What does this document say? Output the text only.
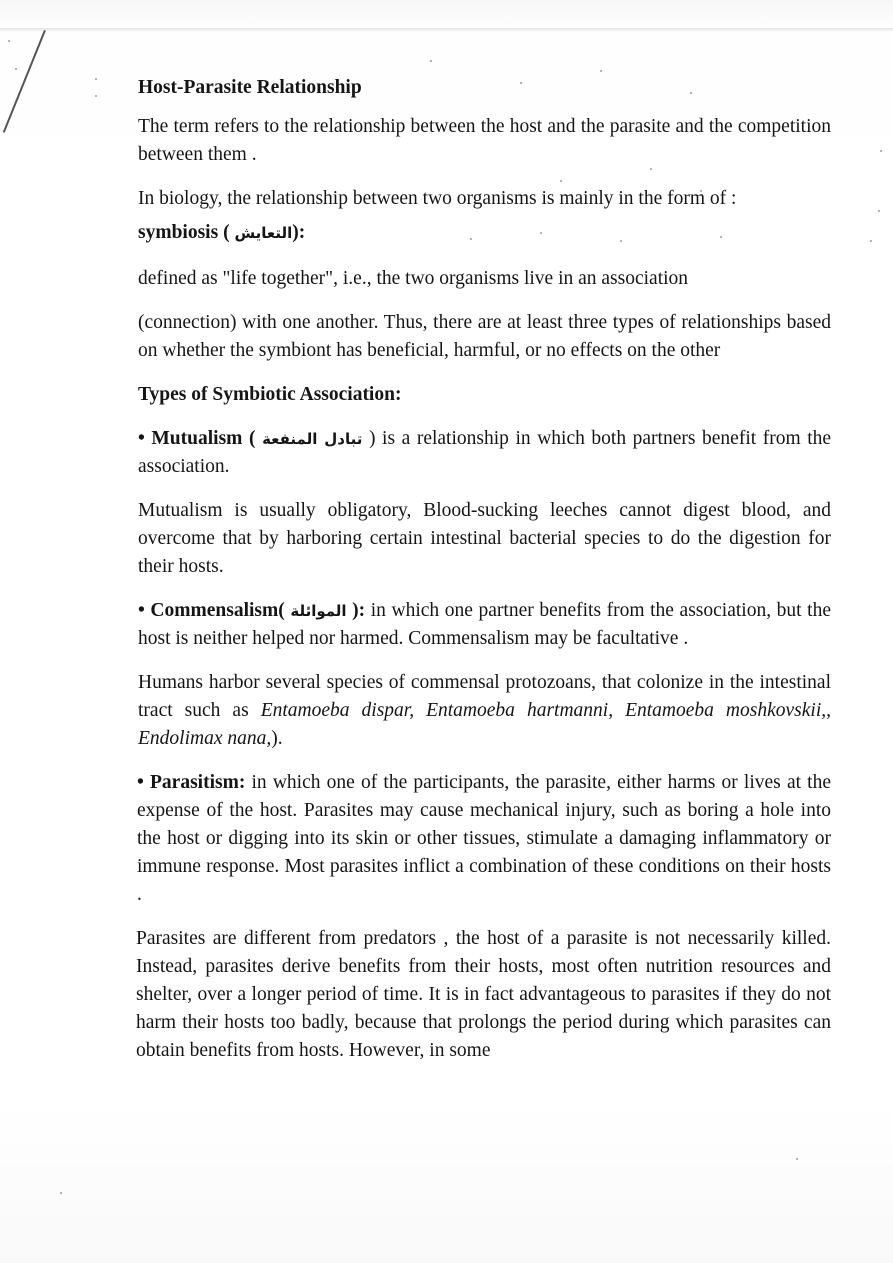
Host-Parasite Relationship

The term refers to the relationship between the host and the parasite and the competition between them .

In biology, the relationship between two organisms is mainly in the form of :

symbiosis ( التعايش):

defined as "life together", i.e., the two organisms live in an association

(connection) with one another. Thus, there are at least three types of relationships based on whether the symbiont has beneficial, harmful, or no effects on the other

Types of Symbiotic Association:

• Mutualism ( تبادل المنفعة ) is a relationship in which both partners benefit from the association.

Mutualism is usually obligatory, Blood-sucking leeches cannot digest blood, and overcome that by harboring certain intestinal bacterial species to do the digestion for their hosts.

• Commensalism( الموائلة ): in which one partner benefits from the association, but the host is neither helped nor harmed. Commensalism may be facultative .

Humans harbor several species of commensal protozoans, that colonize in the intestinal tract such as Entamoeba dispar, Entamoeba hartmanni, Entamoeba moshkovskii,, Endolimax nana,).

• Parasitism: in which one of the participants, the parasite, either harms or lives at the expense of the host. Parasites may cause mechanical injury, such as boring a hole into the host or digging into its skin or other tissues, stimulate a damaging inflammatory or immune response. Most parasites inflict a combination of these conditions on their hosts .

Parasites are different from predators , the host of a parasite is not necessarily killed. Instead, parasites derive benefits from their hosts, most often nutrition resources and shelter, over a longer period of time. It is in fact advantageous to parasites if they do not harm their hosts too badly, because that prolongs the period during which parasites can obtain benefits from hosts. However, in some
